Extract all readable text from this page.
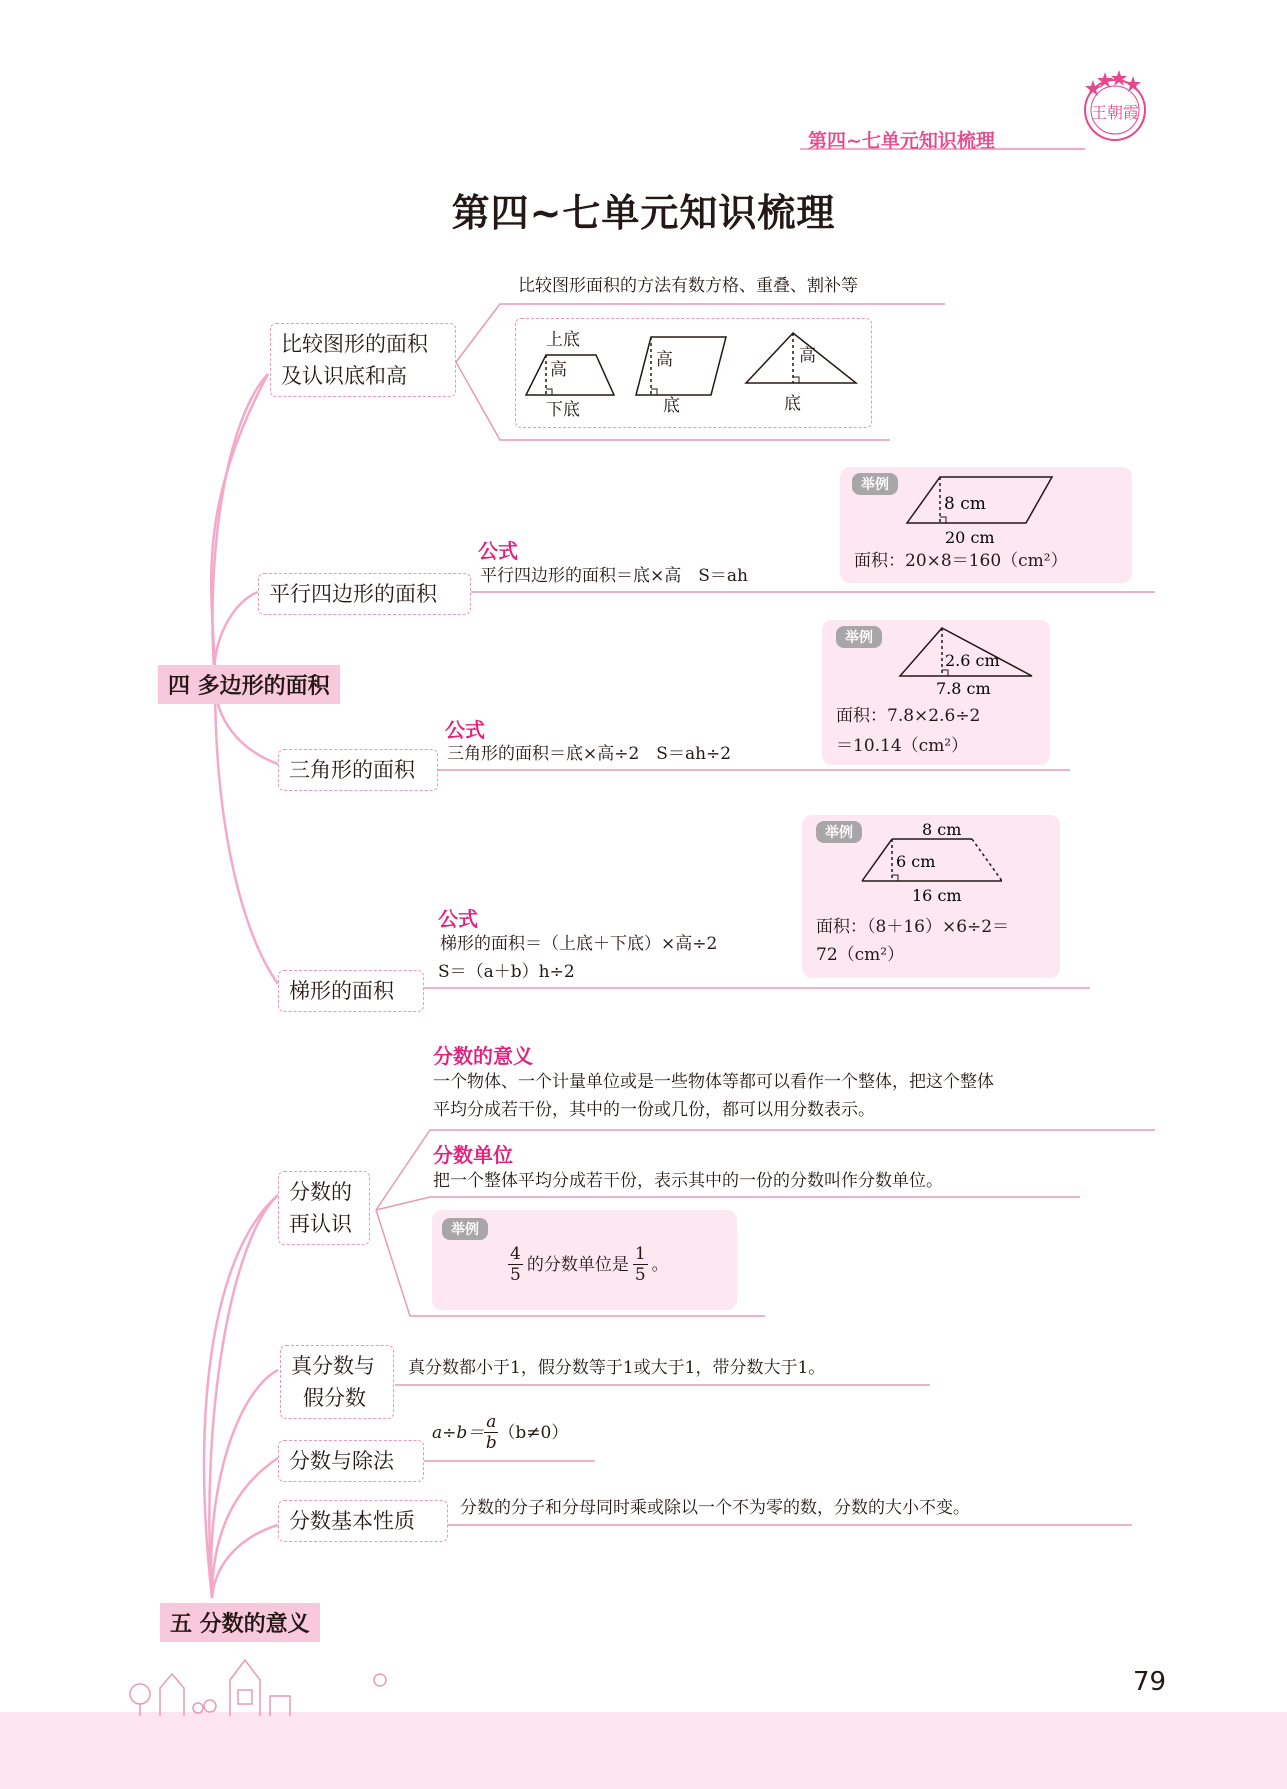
第四~七单元知识梳理
王朝霞
第四~七单元知识梳理
四 多边形的面积
比较图形的面积
及认识底和高
比较图形面积的方法有数方格、重叠、割补等
上底
高
下底
高
底
高
底
平行四边形的面积
公式
平行四边形的面积＝底×高　S＝ah
举例
8 cm
20 cm
面积：20×8＝160（cm²）
三角形的面积
公式
三角形的面积＝底×高÷2　S＝ah÷2
举例
2.6 cm
7.8 cm
面积：7.8×2.6÷2
＝10.14（cm²）
梯形的面积
公式
梯形的面积＝（上底＋下底）×高÷2
S＝（a＋b）h÷2
举例	8 cm
6 cm
16 cm
面积：（8＋16）×6÷2＝
72（cm²）
五 分数的意义
分数的
再认识
分数的意义
一个物体、一个计量单位或是一些物体等都可以看作一个整体，把这个整体
平均分成若干份，其中的一份或几份，都可以用分数表示。
分数单位
把一个整体平均分成若干份，表示其中的一份的分数叫作分数单位。
举例
$\frac{4}{5}$ 的分数单位是 $\frac{1}{5}$ 。
真分数与
假分数
真分数都小于1，假分数等于1或大于1，带分数大于1。
分数与除法
$a\div b= \frac{a}{b} (b\ne 0)$
分数基本性质
分数的分子和分母同时乘或除以一个不为零的数，分数的大小不变。
79
